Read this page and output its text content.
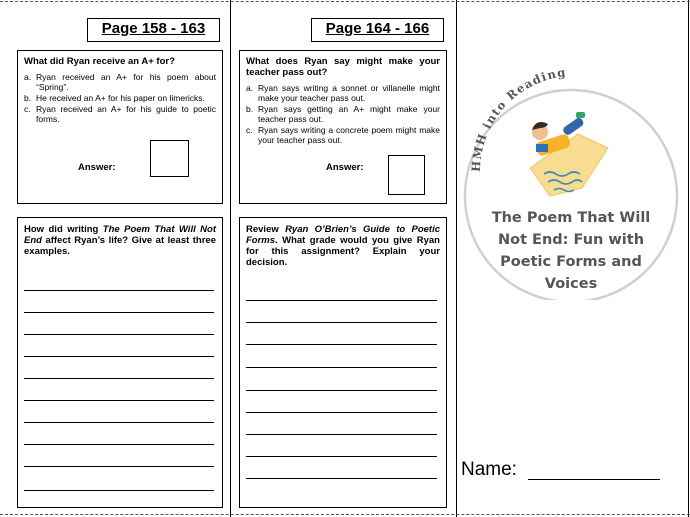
Page 158 - 163
What did Ryan receive an A+ for?
a. Ryan received an A+ for his poem about “Spring”.
b. He received an A+ for his paper on limericks.
c. Ryan received an A+ for his guide to poetic forms.
Answer:
How did writing The Poem That Will Not End affect Ryan’s life? Give at least three examples.
Page 164 - 166
What does Ryan say might make your teacher pass out?
a. Ryan says writing a sonnet or villanelle might make your teacher pass out.
b. Ryan says getting an A+ might make your teacher pass out.
c. Ryan says writing a concrete poem might make your teacher pass out.
Answer:
Review Ryan O’Brien’s Guide to Poetic Forms. What grade would you give Ryan for this assignment? Explain your decision.
HMH into Reading
The Poem That Will Not End: Fun with Poetic Forms and Voices
Name:
